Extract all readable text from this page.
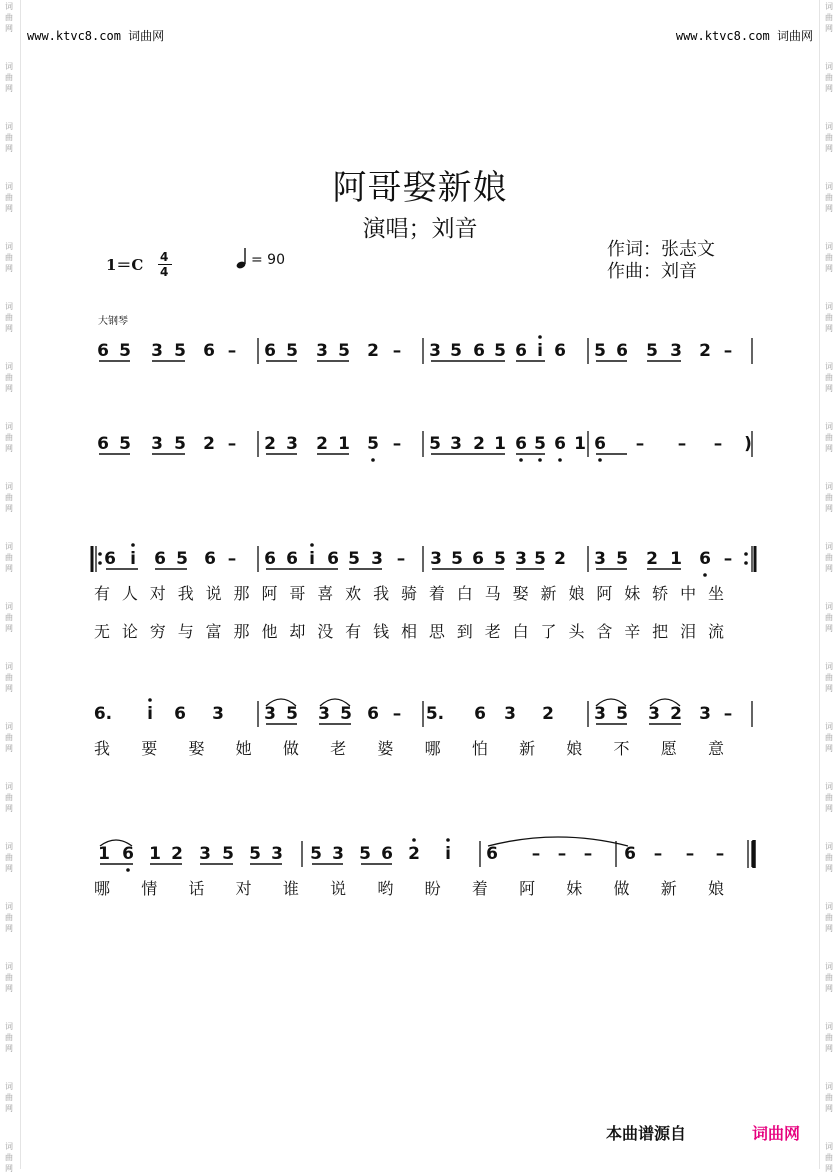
词
曲
网
词
曲
网
词
曲
网
词
曲
网
词
曲
网
词
曲
网
词
曲
网
词
曲
网
词
曲
网
词
曲
网
词
曲
网
词
曲
网
词
曲
网
词
曲
网
词
曲
网
词
曲
网
词
曲
网
词
曲
网
词
曲
网
词
曲
网
词
曲
网
词
曲
网
词
曲
网
词
曲
网
词
曲
网
词
曲
网
词
曲
网
词
曲
网
词
曲
网
词
曲
网
词
曲
网
词
曲
网
词
曲
网
词
曲
网
词
曲
网
词
曲
网
词
曲
网
词
曲
网
词
曲
网
词
曲
网
www.ktvc8.com 词曲网	www.ktvc8.com 词曲网
阿哥娶新娘
演唱；刘音
作词：张志文
作曲：刘音
1＝C 4
4
= 90
大钢琴
6 5 3 5 6 – 6 5 3 5 2 – 3 5 6 5 6 i 6 5 6 5 3 2 –
6 5 3 5 2 – 2 3 2 1 5 – 5 3 2 1 6 5 6 1 6 – – – )
6 i 6 5 6 – 6 6 i 6 5 3 – 3 5 6 5 3 5 2 3 5 2 1 6 –
有 人 对 我 说 那 阿 哥 喜 欢 我 骑 着 白 马 娶 新 娘 阿 妹 轿 中 坐
无 论 穷 与 富 那 他 却 没 有 钱 相 思 到 老 白 了 头 含 辛 把 泪 流
6. i 6 3 3 5 3 5 6 – 5. 6 3 2 3 5 3 2 3 –
我 要 娶 她 做 老 婆 哪 怕 新 娘 不 愿 意
1 6 1 2 3 5 5 3 5 3 5 6 2 i 6 – – – 6 – – –
哪 情 话 对 谁 说 哟 盼 着 阿 妹 做 新 娘
本曲谱源自	词曲网
